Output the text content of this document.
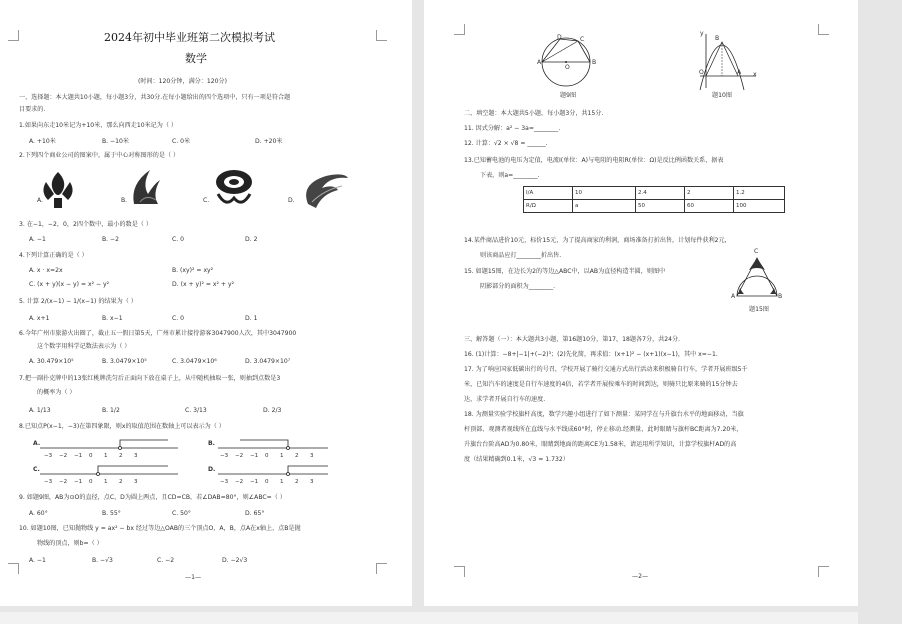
2024年初中毕业班第二次模拟考试
数学
(时间：120分钟，满分：120分)
一、选择题：本大题共10小题，每小题3分，共30分.在每小题给出的四个选项中，只有一项是符合题
目要求的.
1.如果向东走10米记为+10米，那么向西走10米记为（ ）
A. +10米	B. −10米	C. 0米	D. +20米
2.下列四个商业公司的图案中，属于中心对称图形的是（ ）
A.	B.	C.	D.
3. 在−1，−2，0，2四个数中，最小的数是（ ）
A. −1	B. −2	C. 0	D. 2
4.下列计算正确的是（ ）
A. x · x=2x	B. (xy)² = xy²
C. (x + y)(x − y) = x² − y²	D. (x + y)² = x² + y²
5. 计算 2/(x−1) − 1/(x−1) 的结果为（ ）
A. x+1	B. x−1	C. 0	D. 1
6.今年广州市旅游火出圈了，截止五一假日第5天，广州市累计接待游客3047900人次，其中3047900
这个数字用科学记数法表示为（ ）
A. 30.479×10⁵	B. 3.0479×10⁵	C. 3.0479×10⁶	D. 3.0479×10⁷
7.把一副扑克牌中的13张红桃牌洗匀后正面向下放在桌子上，从中随机抽取一张，则抽到点数是3
的概率为（ ）
A. 1/13	B. 1/2	C. 3/13	D. 2/3
8.已知点P(x−1，−3)在第四象限，则x的取值范围在数轴上可以表示为（ ）
A.	B.
C.	D.
−3 −2 −1 0 1 2 3	−3 −2 −1 0 1 2 3
−3 −2 −1 0 1 2 3	−3 −2 −1 0 1 2 3
9. 如题9图，AB为⊙O的直径，点C，D为圆上两点，且CD=CB，若∠DAB=80°，则∠ABC=（ ）
A. 60°	B. 55°	C. 50°	D. 65°
10. 如题10图，已知抛物线 y = ax² − bx 经过等边△OAB的三个顶点O，A，B，点A在x轴上，点B是抛
物线的顶点，则b=（ ）
A. −1	B. −√3	C. −2	D. −2√3
—1—
D	C
A
O
B
题9图
y
B
O	A x
题10图
二、填空题：本大题共5小题，每小题3分，共15分.
11. 因式分解：a² − 3a=________.
12. 计算：√2 × √8 = ______.
13.已知蓄电池的电压为定值，电流I(单位：A)与电阻的电阻R(单位：Ω)是反比例函数关系，据表
下表，则a=________.
I/A	10	2.4	2	1.2
R/Ω	a	50	60	100
14.某件商品进价10元，标价15元，为了提高商家的利润，商场准备打折出售，计划每件获利2元，
则该商品应打________折出售.
15. 如题15图，在边长为2的等边△ABC中，以AB为直径构造半圆，则图中
阴影部分的面积为________.
C
A	B
题15图
三、解答题（一）：本大题共3小题，第16题10分，第17，18题各7分，共24分.
16. (1)计算：−8+|−1|+(−2)³；(2)先化简，再求值：(x+1)² − (x+1)(x−1)，其中 x=−1.
17. 为了响应国家低碳出行的号召，学校开展了骑行交通方式出行活动来积极骑自行车，学者开展班级5千
米，已知汽车的速度是自行车速度的4倍，若学者开展按乘车的时间到达，则骑只比原来骑的15分钟去
达，求学者开展自行车的速度.
18. 为测量实验学校旗杆高度，数学兴趣小组进行了如下测量：某同学在与升旗台水平的地面移动，当旗
杆顶部、观测者视线所在直线与水平线成60°时，停止移动.经测量，此时眼睛与旗杆BC距离为7.20米，
升旗台台阶高AD为0.80米，眼睛到地面的距离CE为1.58米，请运用所学知识，计算学校旗杆AD的高
度（结果精确到0.1米，√3 ≈ 1.732）
—2—
